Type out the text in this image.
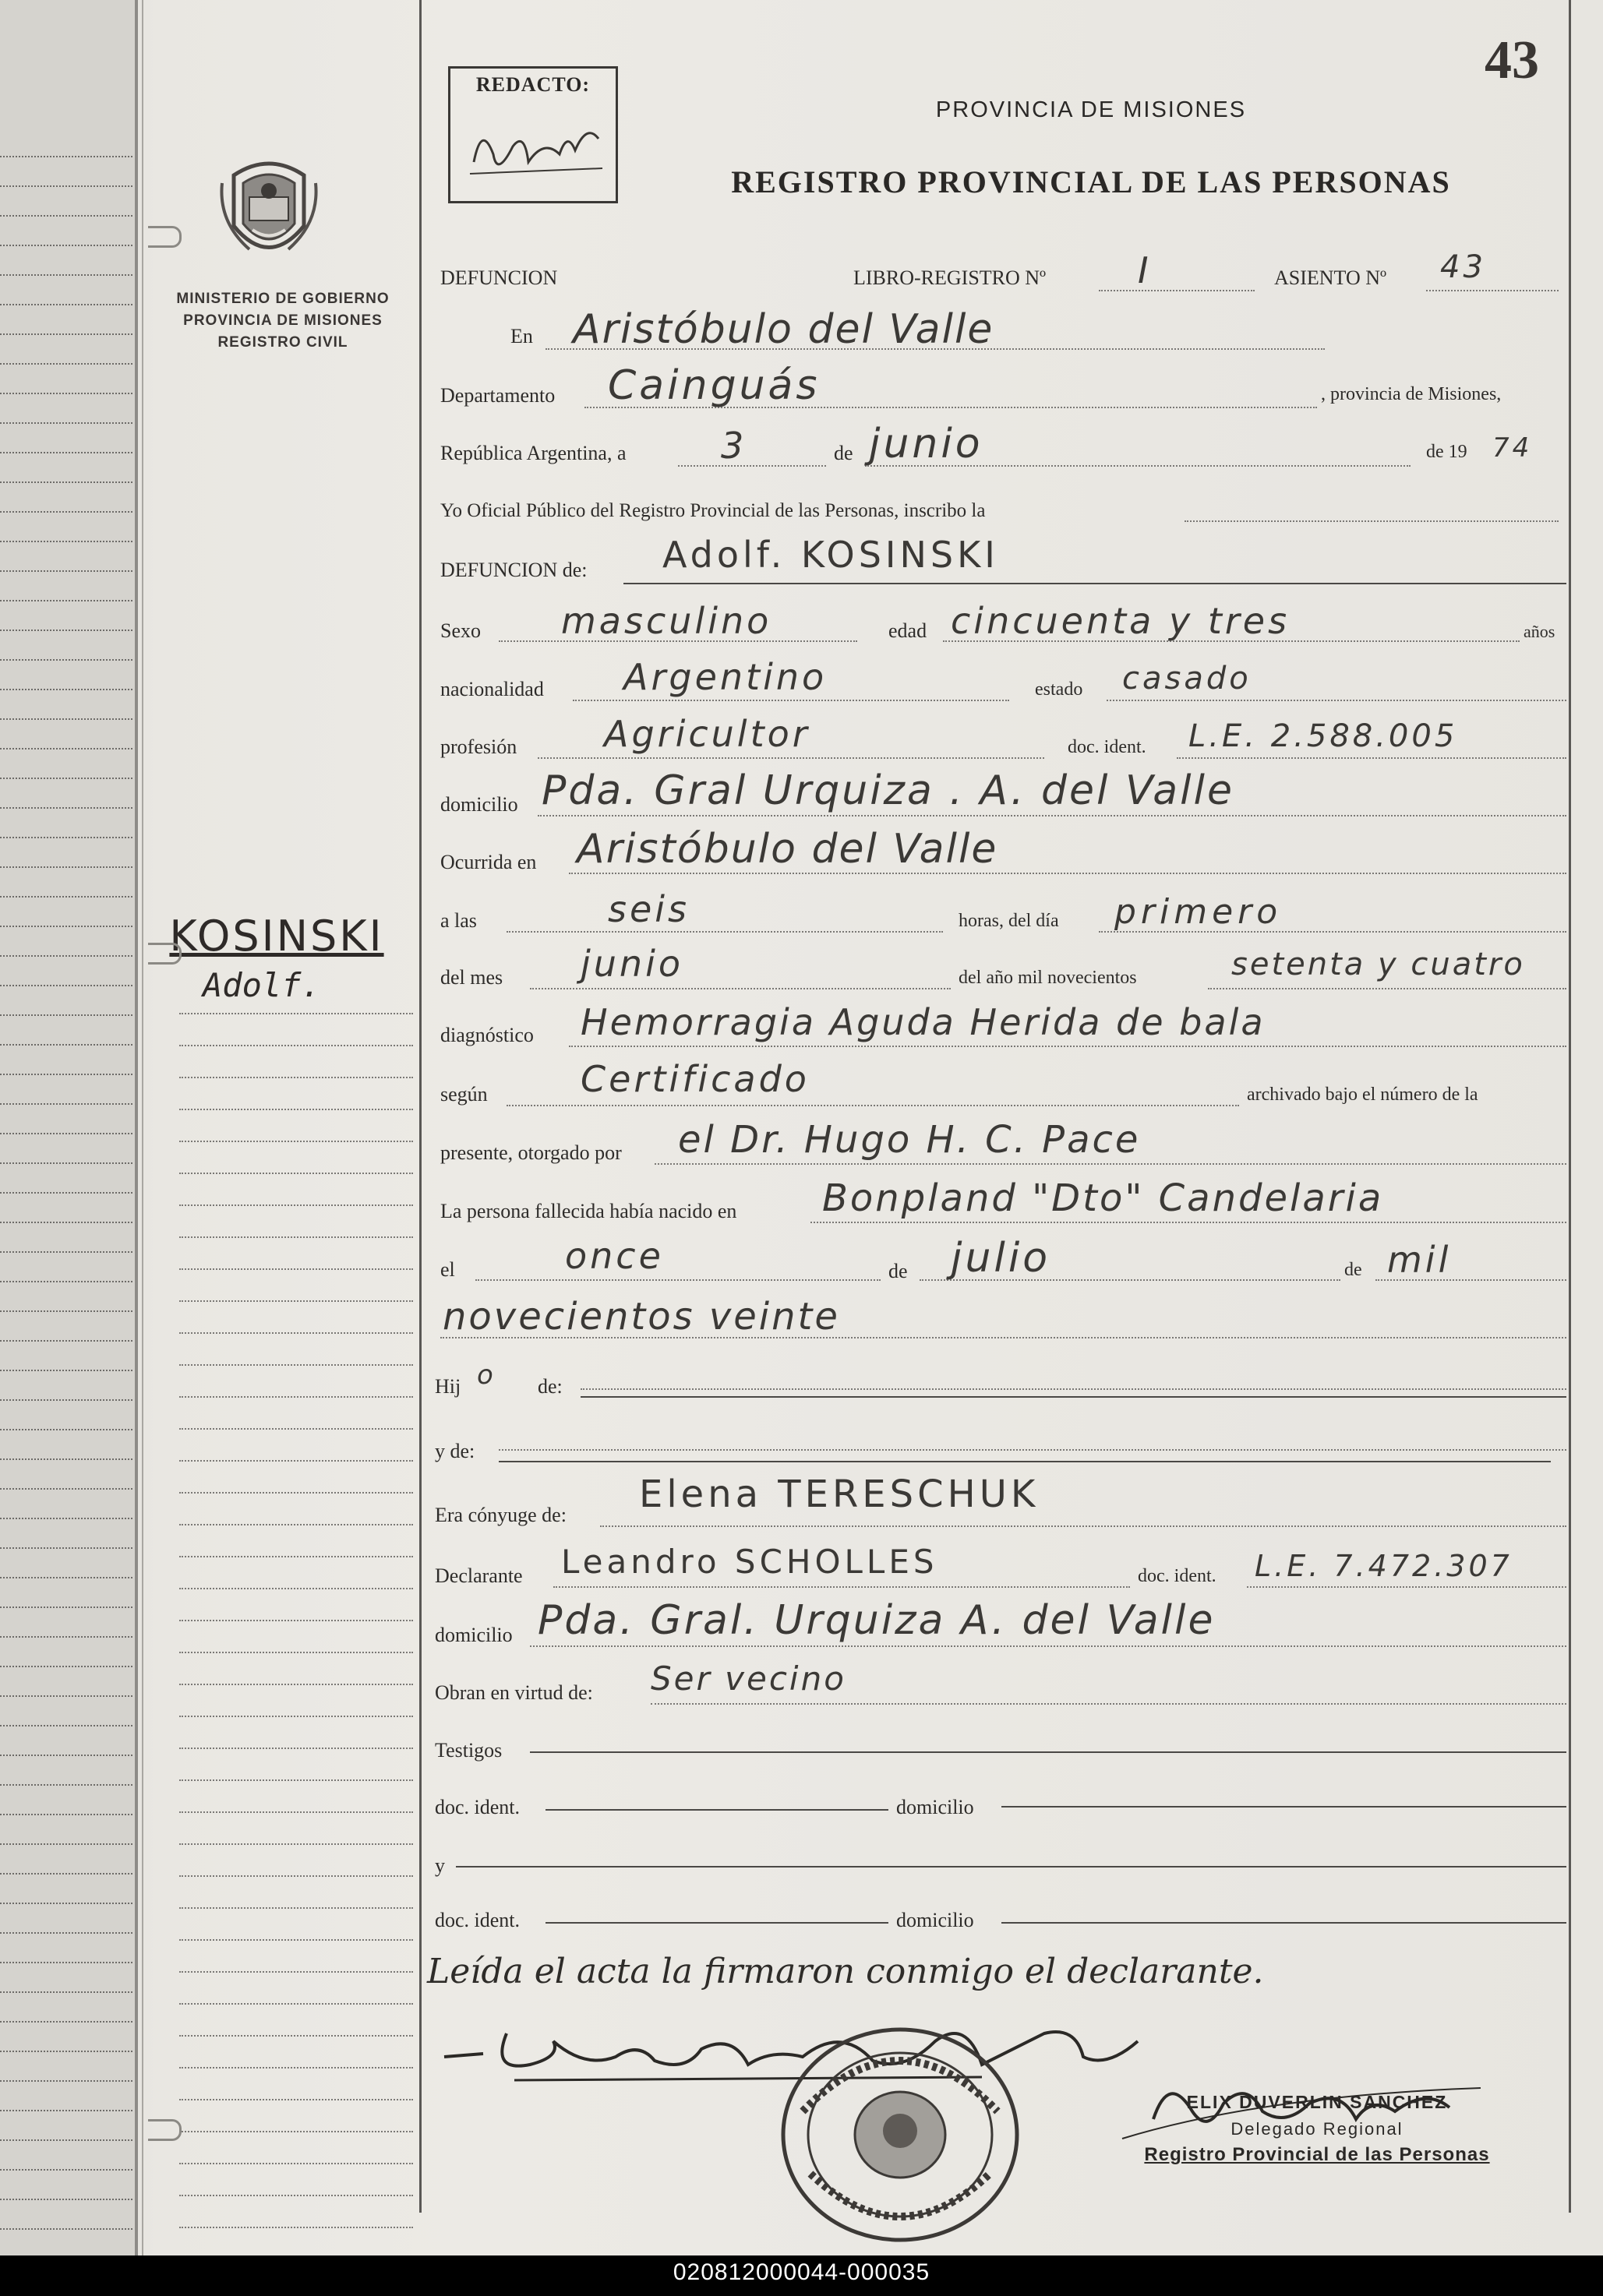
MINISTERIO DE GOBIERNO
PROVINCIA DE MISIONES
REGISTRO CIVIL
KOSINSKI
Adolf.
43
REDACTO:
PROVINCIA DE MISIONES
REGISTRO PROVINCIAL DE LAS PERSONAS
DEFUNCION	LIBRO-REGISTRO Nº	I	ASIENTO Nº 43
En Aristóbulo del Valle
Departamento Cainguás	, provincia de Misiones,
República Argentina, a	3	de junio	de 19 74
Yo Oficial Público del Registro Provincial de las Personas, inscribo la
DEFUNCION de: Adolf. KOSINSKI
Sexo masculino	edad cincuenta y tres	años
nacionalidad Argentino	estado casado
profesión Agricultor	doc. ident. L.E. 2.588.005
domicilio Pda. Gral Urquiza . A. del Valle
Ocurrida en Aristóbulo del Valle
a las	seis	horas, del día primero
del mes junio	del año mil novecientos	setenta y cuatro
diagnóstico Hemorragia Aguda Herida de bala
según	Certificado	archivado bajo el número de la
presente, otorgado por el Dr. Hugo H. C. Pace
La persona fallecida había nacido en Bonpland "Dto" Candelaria
el	once	de julio	de mil
novecientos veinte
Hij o de:
y de:
Era cónyuge de: Elena TERESCHUK
Declarante Leandro SCHOLLES	doc. ident. L.E. 7.472.307
domicilio Pda. Gral. Urquiza A. del Valle
Obran en virtud de: Ser vecino
Testigos
doc. ident.	domicilio
y
doc. ident.	domicilio
Leída el acta la firmaron conmigo el declarante.
ELIX DUVERLIN SANCHEZ
Delegado Regional
Registro Provincial de las Personas
020812000044-000035
